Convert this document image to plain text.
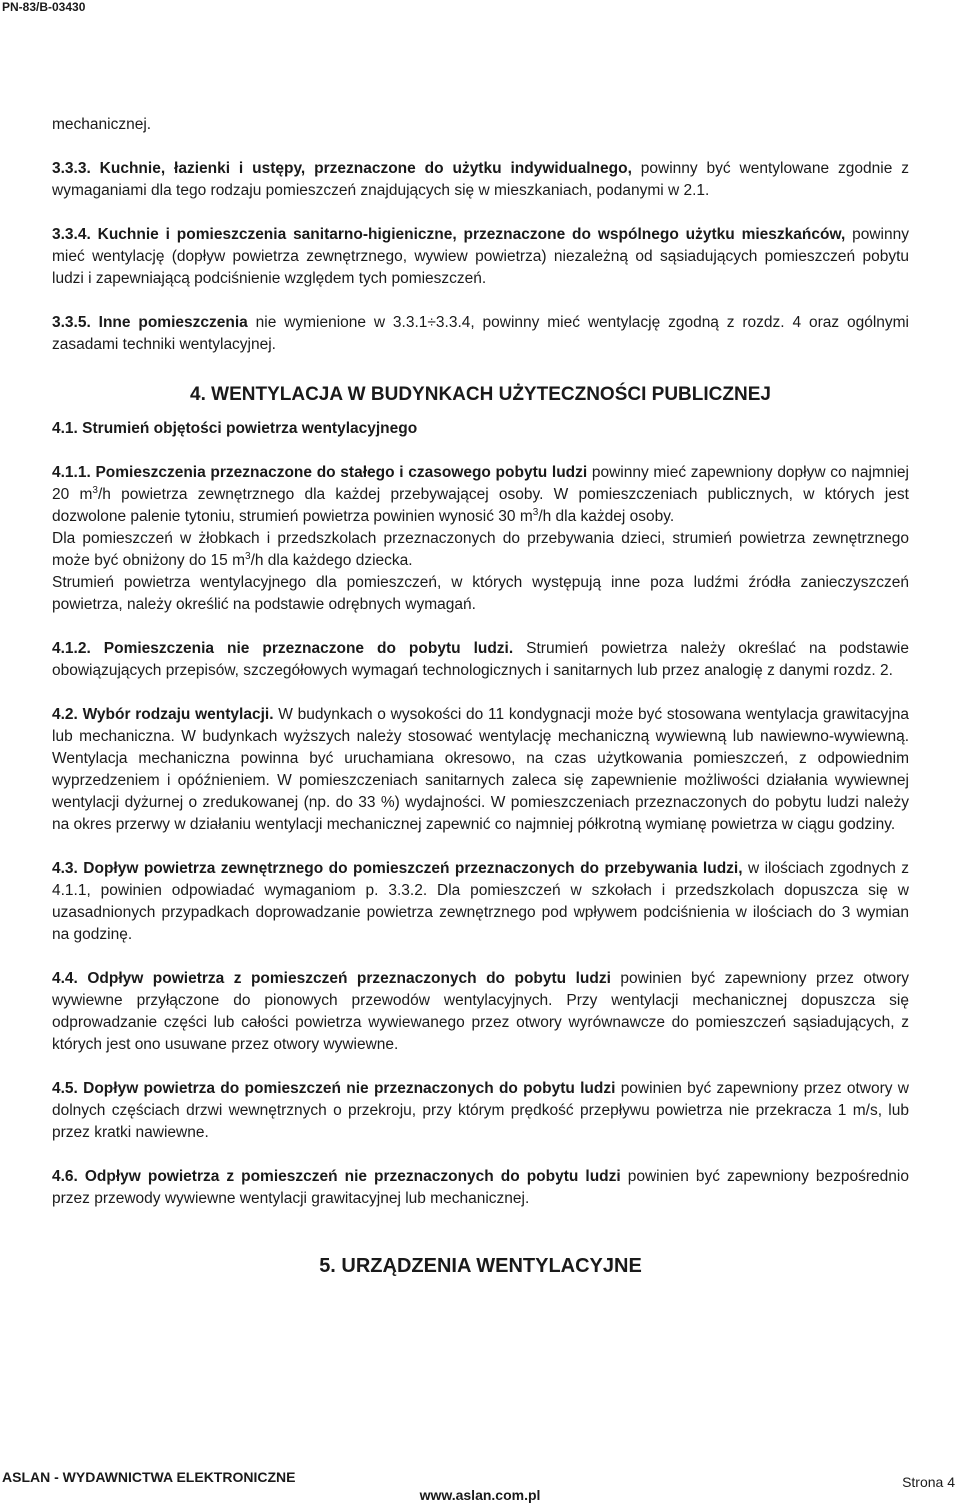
PN-83/B-03430

mechanicznej.

3.3.3. Kuchnie, łazienki i ustępy, przeznaczone do użytku indywidualnego, powinny być wentylowane zgodnie z wymaganiami dla tego rodzaju pomieszczeń znajdujących się w mieszkaniach, podanymi w 2.1.

3.3.4. Kuchnie i pomieszczenia sanitarno-higieniczne, przeznaczone do wspólnego użytku mieszkańców, powinny mieć wentylację (dopływ powietrza zewnętrznego, wywiew powietrza) niezależną od sąsiadujących pomieszczeń pobytu ludzi i zapewniającą podciśnienie względem tych pomieszczeń.

3.3.5. Inne pomieszczenia nie wymienione w 3.3.1÷3.3.4, powinny mieć wentylację zgodną z rozdz. 4 oraz ogólnymi zasadami techniki wentylacyjnej.

4. WENTYLACJA W BUDYNKACH UŻYTECZNOŚCI PUBLICZNEJ

4.1. Strumień objętości powietrza wentylacyjnego

4.1.1. Pomieszczenia przeznaczone do stałego i czasowego pobytu ludzi powinny mieć zapewniony dopływ co najmniej 20 $m^3/h$ powietrza zewnętrznego dla każdej przebywającej osoby. W pomieszczeniach publicznych, w których jest dozwolone palenie tytoniu, strumień powietrza powinien wynosić 30 $m^3/h$ dla każdej osoby.

Dla pomieszczeń w żłobkach i przedszkolach przeznaczonych do przebywania dzieci, strumień powietrza zewnętrznego może być obniżony do 15 $m^3/h$ dla każdego dziecka.

Strumień powietrza wentylacyjnego dla pomieszczeń, w których występują inne poza ludźmi źródła zanieczyszczeń powietrza, należy określić na podstawie odrębnych wymagań.

4.1.2. Pomieszczenia nie przeznaczone do pobytu ludzi. Strumień powietrza należy określać na podstawie obowiązujących przepisów, szczegółowych wymagań technologicznych i sanitarnych lub przez analogię z danymi rozdz. 2.

4.2. Wybór rodzaju wentylacji. W budynkach o wysokości do 11 kondygnacji może być stosowana wentylacja grawitacyjna lub mechaniczna. W budynkach wyższych należy stosować wentylację mechaniczną wywiewną lub nawiewno-wywiewną. Wentylacja mechaniczna powinna być uruchamiana okresowo, na czas użytkowania pomieszczeń, z odpowiednim wyprzedzeniem i opóźnieniem. W pomieszczeniach sanitarnych zaleca się zapewnienie możliwości działania wywiewnej wentylacji dyżurnej o zredukowanej (np. do 33 %) wydajności. W pomieszczeniach przeznaczonych do pobytu ludzi należy na okres przerwy w działaniu wentylacji mechanicznej zapewnić co najmniej półkrotną wymianę powietrza w ciągu godziny.

4.3. Dopływ powietrza zewnętrznego do pomieszczeń przeznaczonych do przebywania ludzi, w ilościach zgodnych z 4.1.1, powinien odpowiadać wymaganiom p. 3.3.2. Dla pomieszczeń w szkołach i przedszkolach dopuszcza się w uzasadnionych przypadkach doprowadzanie powietrza zewnętrznego pod wpływem podciśnienia w ilościach do 3 wymian na godzinę.

4.4. Odpływ powietrza z pomieszczeń przeznaczonych do pobytu ludzi powinien być zapewniony przez otwory wywiewne przyłączone do pionowych przewodów wentylacyjnych. Przy wentylacji mechanicznej dopuszcza się odprowadzanie części lub całości powietrza wywiewanego przez otwory wyrównawcze do pomieszczeń sąsiadujących, z których jest ono usuwane przez otwory wywiewne.

4.5. Dopływ powietrza do pomieszczeń nie przeznaczonych do pobytu ludzi powinien być zapewniony przez otwory w dolnych częściach drzwi wewnętrznych o przekroju, przy którym prędkość przepływu powietrza nie przekracza 1 m/s, lub przez kratki nawiewne.

4.6. Odpływ powietrza z pomieszczeń nie przeznaczonych do pobytu ludzi powinien być zapewniony bezpośrednio przez przewody wywiewne wentylacji grawitacyjnej lub mechanicznej.

5. URZĄDZENIA WENTYLACYJNE

ASLAN - WYDAWNICTWA ELEKTRONICZNE
www.aslan.com.pl
Strona 4
